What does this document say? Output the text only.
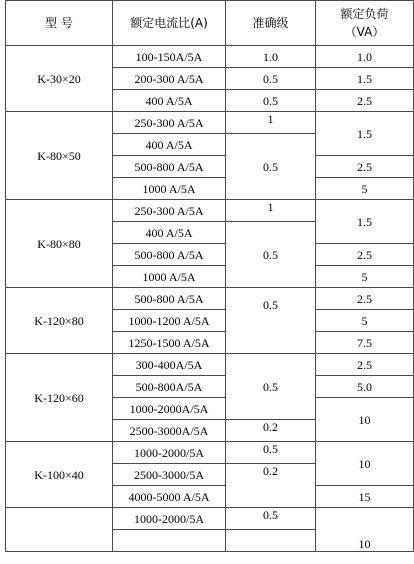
型 号	额定电流比(A)	准确级	额定负荷
（VA）

K-30×20	100-150A/5A	1.0	1.0
	200-300 A/5A	0.5	1.5
	400 A/5A	0.5	2.5
K-80×50	250-300 A/5A	1	1.5
	400 A/5A	0.5	
	500-800 A/5A		2.5
	1000 A/5A		5
K-80×80	250-300 A/5A	1	1.5
	400 A/5A	0.5	
	500-800 A/5A		2.5
	1000 A/5A		5
K-120×80	500-800 A/5A	0.5	2.5
	1000-1200 A/5A		5
	1250-1500 A/5A		7.5
K-120×60	300-400A/5A	0.5	2.5
	500-800A/5A		5.0
	1000-2000A/5A		10
	2500-3000A/5A	0.2	
K-100×40	1000-2000/5A	0.5	10
	2500-3000/5A	0.2	
	4000-5000 A/5A		15
	1000-2000/5A	0.5	10
